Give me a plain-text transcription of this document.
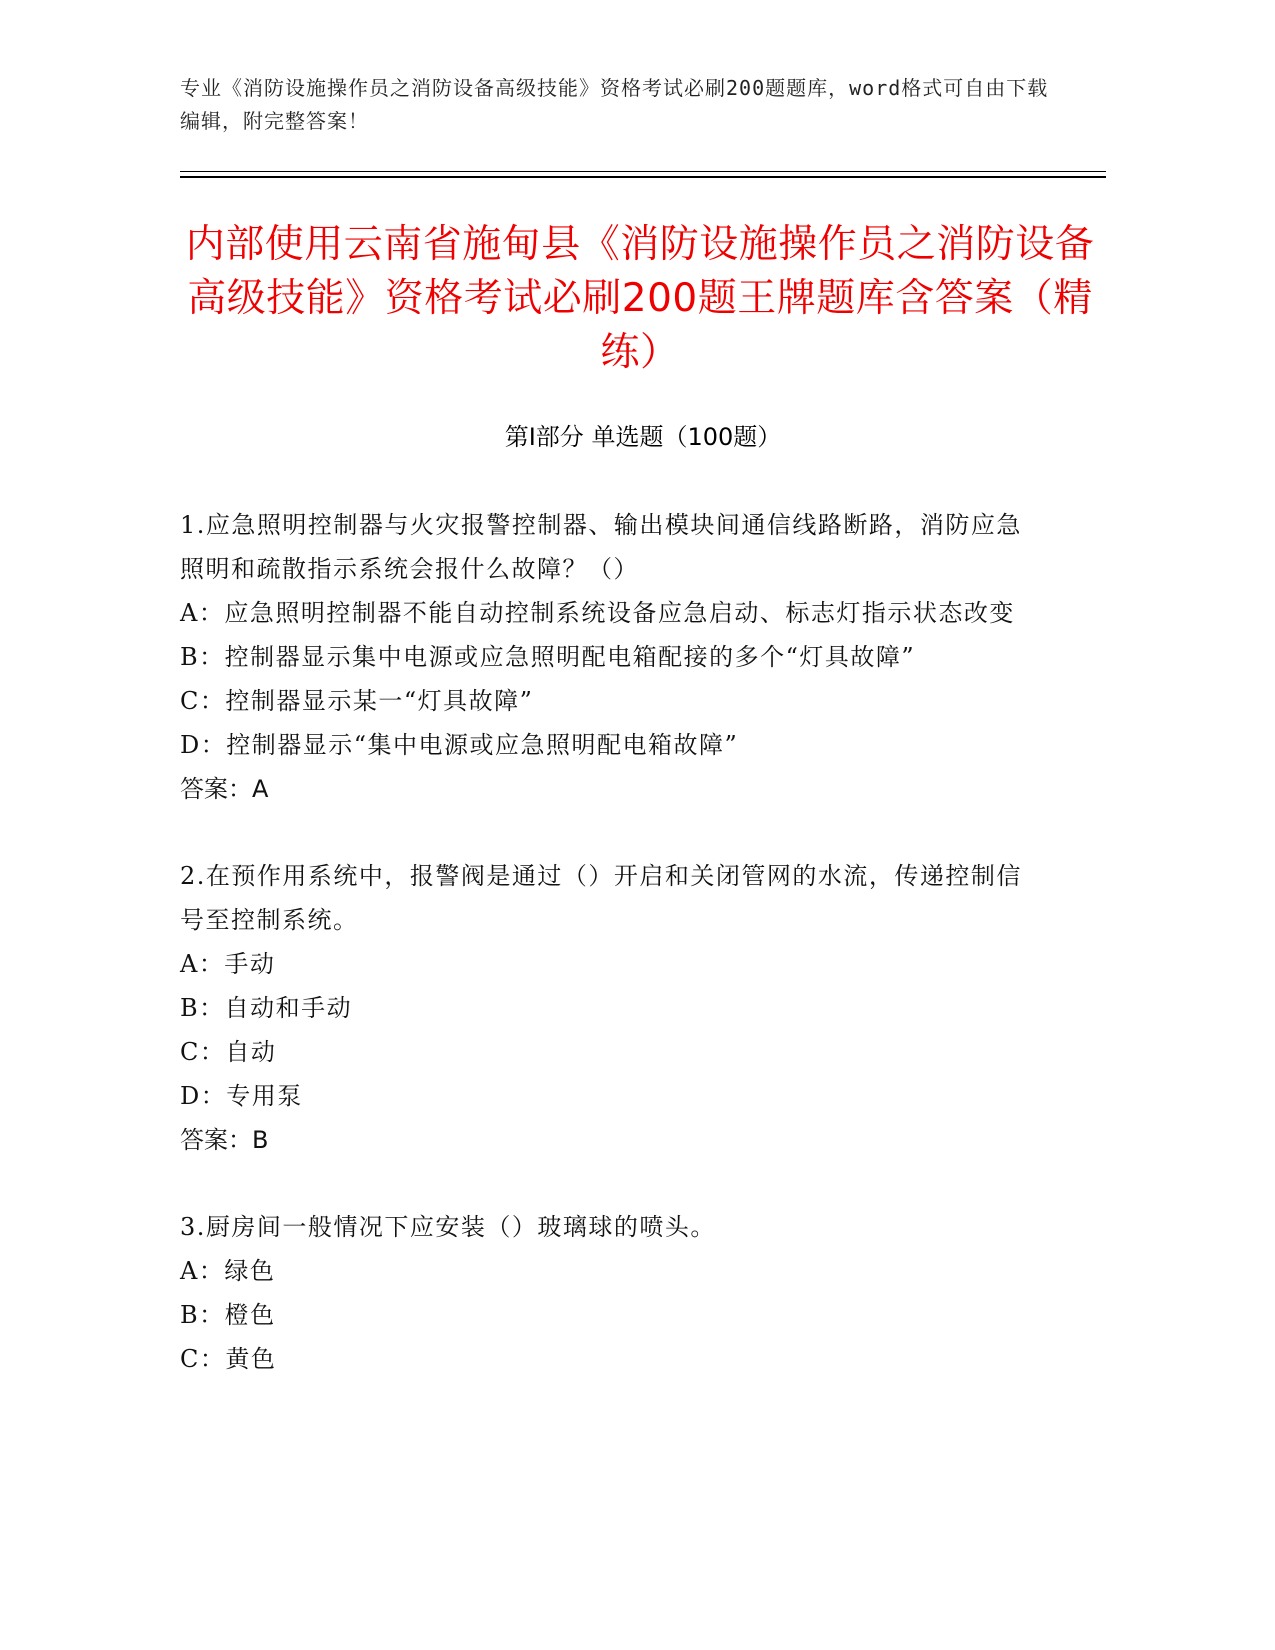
专业《消防设施操作员之消防设备高级技能》资格考试必刷200题题库，word格式可自由下载编辑，附完整答案！
内部使用云南省施甸县《消防设施操作员之消防设备高级技能》资格考试必刷200题王牌题库含答案（精练）
第Ⅰ部分 单选题（100题）

1.应急照明控制器与火灾报警控制器、输出模块间通信线路断路，消防应急照明和疏散指示系统会报什么故障？（）

A：应急照明控制器不能自动控制系统设备应急启动、标志灯指示状态改变

B：控制器显示集中电源或应急照明配电箱配接的多个“灯具故障”

C：控制器显示某一“灯具故障”

D：控制器显示“集中电源或应急照明配电箱故障”

答案：A

2.在预作用系统中，报警阀是通过（）开启和关闭管网的水流，传递控制信号至控制系统。

A：手动

B：自动和手动

C：自动

D：专用泵

答案：B

3.厨房间一般情况下应安装（）玻璃球的喷头。

A：绿色

B：橙色

C：黄色
